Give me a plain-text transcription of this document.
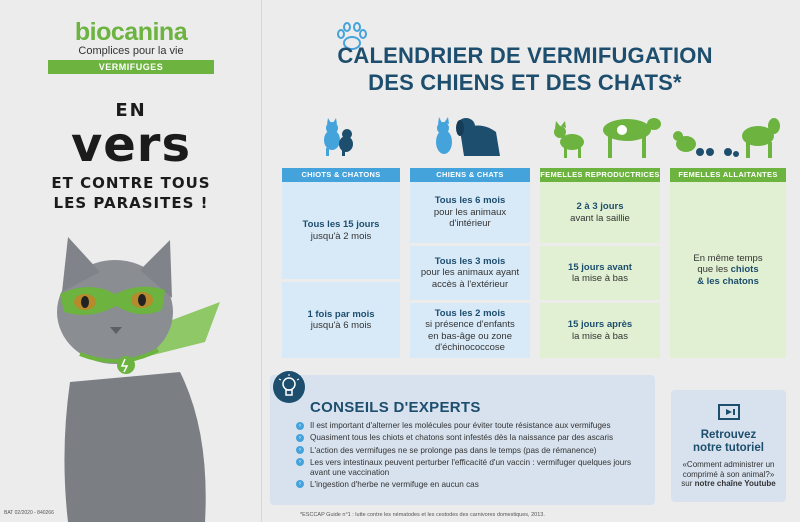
biocanina
Complices pour la vie
VERMIFUGES
EN
vers
ET CONTRE TOUS
LES PARASITES !
BAT 02/2020 - 840266
CALENDRIER DE VERMIFUGATION
DES CHIENS ET DES CHATS*
CHIOTS & CHATONS
Tous les 15 jours
jusqu'à 2 mois
1 fois par mois
jusqu'à 6 mois
CHIENS & CHATS
Tous les 6 mois
pour les animaux d'intérieur
Tous les 3 mois
pour les animaux ayant accès à l'extérieur
Tous les 2 mois
si présence d'enfants en bas-âge ou zone d'échinococcose
FEMELLES REPRODUCTRICES
2 à 3 jours
avant la saillie
15 jours avant
la mise à bas
15 jours après
la mise à bas
FEMELLES ALLAITANTES
En même temps
que les chiots
& les chatons
CONSEILS D'EXPERTS
›	Il est important d'alterner les molécules pour éviter toute résistance aux vermifuges
›	Quasiment tous les chiots et chatons sont infestés dès la naissance par des ascaris
›	L'action des vermifuges ne se prolonge pas dans le temps (pas de rémanence)
›	Les vers intestinaux peuvent perturber l'efficacité d'un vaccin : vermifuger quelques jours avant une vaccination
›	L'ingestion d'herbe ne vermifuge en aucun cas
Retrouvez
notre tutoriel
«Comment administrer un comprimé à son animal?»
sur notre chaîne Youtube
*ESCCAP Guide n°1 : lutte contre les nématodes et les cestodes des carnivores domestiques, 2013.
